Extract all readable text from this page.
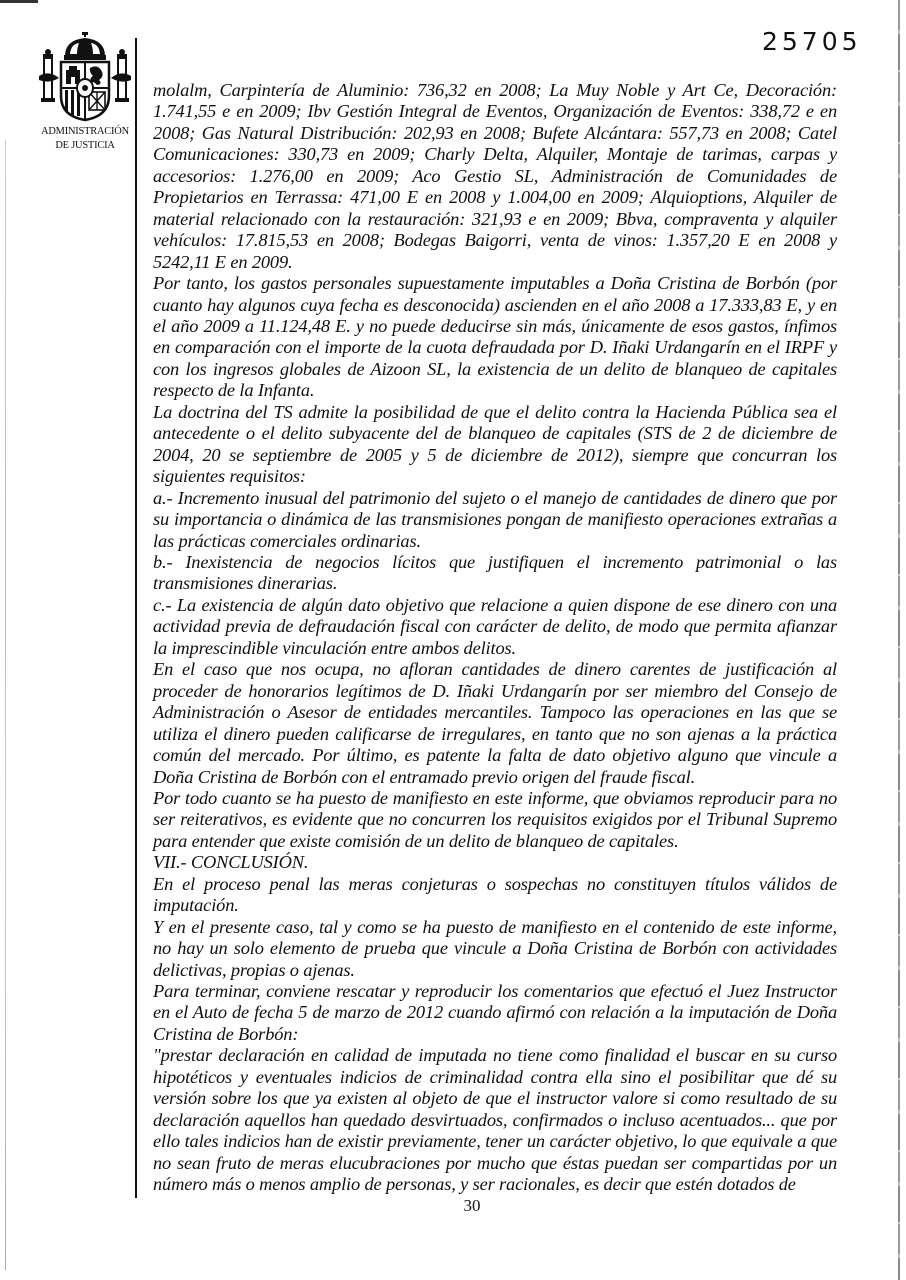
25705
ADMINISTRACIÓN
DE JUSTICIA

molalm, Carpintería de Aluminio: 736,32 en 2008; La Muy Noble y Art Ce, Decoración: 1.741,55 e en 2009; Ibv Gestión Integral de Eventos, Organización de Eventos: 338,72 e en 2008; Gas Natural Distribución: 202,93 en 2008; Bufete Alcántara: 557,73 en 2008; Catel Comunicaciones: 330,73 en 2009; Charly Delta, Alquiler, Montaje de tarimas, carpas y accesorios: 1.276,00 en 2009; Aco Gestio SL, Administración de Comunidades de Propietarios en Terrassa: 471,00 E en 2008 y 1.004,00 en 2009; Alquioptions, Alquiler de material relacionado con la restauración: 321,93 e en 2009; Bbva, compraventa y alquiler vehículos: 17.815,53 en 2008; Bodegas Baigorri, venta de vinos: 1.357,20 E en 2008 y 5242,11 E en 2009.

Por tanto, los gastos personales supuestamente imputables a Doña Cristina de Borbón (por cuanto hay algunos cuya fecha es desconocida) ascienden en el año 2008 a 17.333,83 E, y en el año 2009 a 11.124,48 E. y no puede deducirse sin más, únicamente de esos gastos, ínfimos en comparación con el importe de la cuota defraudada por D. Iñaki Urdangarín en el IRPF y con los ingresos globales de Aizoon SL, la existencia de un delito de blanqueo de capitales respecto de la Infanta.

La doctrina del TS admite la posibilidad de que el delito contra la Hacienda Pública sea el antecedente o el delito subyacente del de blanqueo de capitales (STS de 2 de diciembre de 2004, 20 se septiembre de 2005 y 5 de diciembre de 2012), siempre que concurran los siguientes requisitos:

a.- Incremento inusual del patrimonio del sujeto o el manejo de cantidades de dinero que por su importancia o dinámica de las transmisiones pongan de manifiesto operaciones extrañas a las prácticas comerciales ordinarias.

b.- Inexistencia de negocios lícitos que justifiquen el incremento patrimonial o las transmisiones dinerarias.

c.- La existencia de algún dato objetivo que relacione a quien dispone de ese dinero con una actividad previa de defraudación fiscal con carácter de delito, de modo que permita afianzar la imprescindible vinculación entre ambos delitos.

En el caso que nos ocupa, no afloran cantidades de dinero carentes de justificación al proceder de honorarios legítimos de D. Iñaki Urdangarín por ser miembro del Consejo de Administración o Asesor de entidades mercantiles. Tampoco las operaciones en las que se utiliza el dinero pueden calificarse de irregulares, en tanto que no son ajenas a la práctica común del mercado. Por último, es patente la falta de dato objetivo alguno que vincule a Doña Cristina de Borbón con el entramado previo origen del fraude fiscal.

Por todo cuanto se ha puesto de manifiesto en este informe, que obviamos reproducir para no ser reiterativos, es evidente que no concurren los requisitos exigidos por el Tribunal Supremo para entender que existe comisión de un delito de blanqueo de capitales.

VII.- CONCLUSIÓN.

En el proceso penal las meras conjeturas o sospechas no constituyen títulos válidos de imputación.

Y en el presente caso, tal y como se ha puesto de manifiesto en el contenido de este informe, no hay un solo elemento de prueba que vincule a Doña Cristina de Borbón con actividades delictivas, propias o ajenas.

Para terminar, conviene rescatar y reproducir los comentarios que efectuó el Juez Instructor en el Auto de fecha 5 de marzo de 2012 cuando afirmó con relación a la imputación de Doña Cristina de Borbón:

"prestar declaración en calidad de imputada no tiene como finalidad el buscar en su curso hipotéticos y eventuales indicios de criminalidad contra ella sino el posibilitar que dé su versión sobre los que ya existen al objeto de que el instructor valore si como resultado de su declaración aquellos han quedado desvirtuados, confirmados o incluso acentuados... que por ello tales indicios han de existir previamente, tener un carácter objetivo, lo que equivale a que no sean fruto de meras elucubraciones por mucho que éstas puedan ser compartidas por un número más o menos amplio de personas, y ser racionales, es decir que estén dotados de

30
